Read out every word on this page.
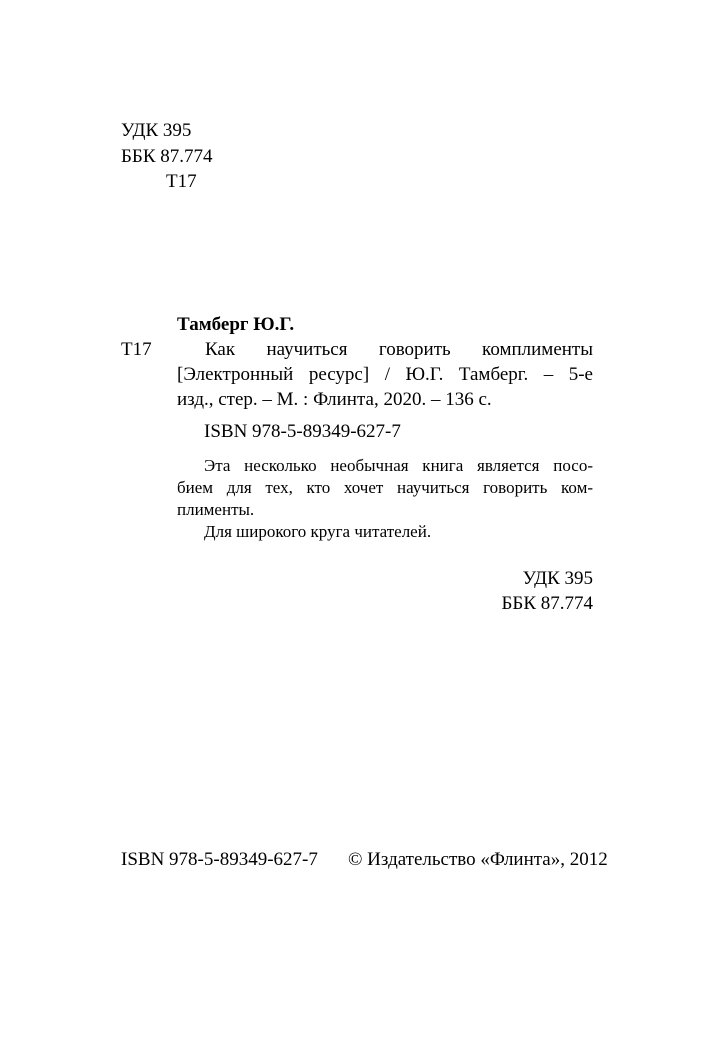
УДК 395
ББК 87.774
Т17
Тамберг Ю.Г.
Т17	Как научиться говорить комплименты
[Электронный ресурс] / Ю.Г. Тамберг. – 5-е
изд., стер. – М. : Флинта, 2020. – 136 с.
ISBN 978-5-89349-627-7
Эта несколько необычная книга является посо-
бием для тех, кто хочет научиться говорить ком-
плименты.
Для широкого круга читателей.
УДК 395
ББК 87.774
ISBN 978-5-89349-627-7 © Издательство «Флинта», 2012
